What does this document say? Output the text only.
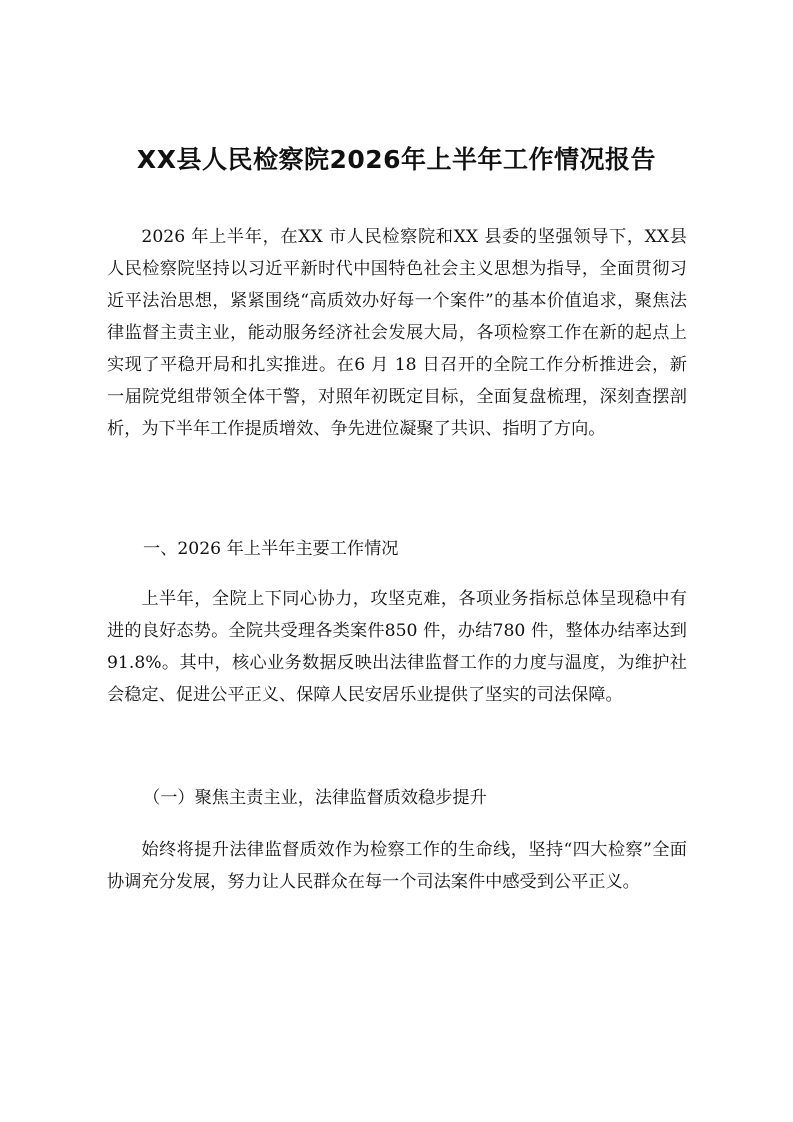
XX县人民检察院2026年上半年工作情况报告

2026 年上半年，在XX 市人民检察院和XX 县委的坚强领导下，XX县人民检察院坚持以习近平新时代中国特色社会主义思想为指导，全面贯彻习近平法治思想，紧紧围绕“高质效办好每一个案件”的基本价值追求，聚焦法律监督主责主业，能动服务经济社会发展大局，各项检察工作在新的起点上实现了平稳开局和扎实推进。在6 月 18 日召开的全院工作分析推进会，新一届院党组带领全体干警，对照年初既定目标，全面复盘梳理，深刻查摆剖析，为下半年工作提质增效、争先进位凝聚了共识、指明了方向。

一、2026 年上半年主要工作情况

上半年，全院上下同心协力，攻坚克难，各项业务指标总体呈现稳中有进的良好态势。全院共受理各类案件850 件，办结780 件，整体办结率达到91.8%。其中，核心业务数据反映出法律监督工作的力度与温度，为维护社会稳定、促进公平正义、保障人民安居乐业提供了坚实的司法保障。

（一）聚焦主责主业，法律监督质效稳步提升

始终将提升法律监督质效作为检察工作的生命线，坚持“四大检察”全面协调充分发展，努力让人民群众在每一个司法案件中感受到公平正义。
